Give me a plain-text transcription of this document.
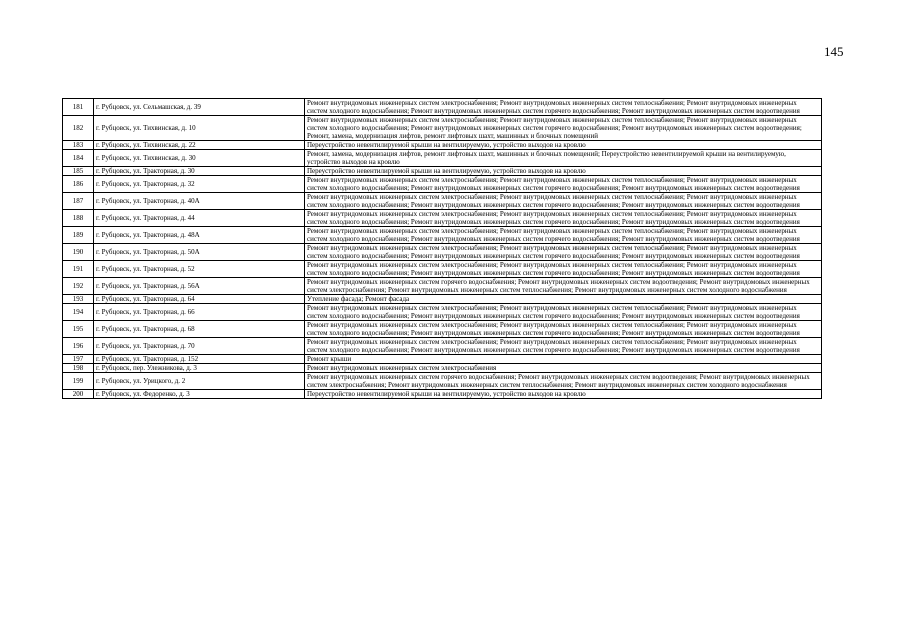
145
181	г. Рубцовск, ул. Сельмашская, д. 39	Ремонт внутридомовых инженерных систем электроснабжения; Ремонт внутридомовых инженерных систем теплоснабжения; Ремонт внутридомовых инженерных систем холодного водоснабжения; Ремонт внутридомовых инженерных систем горячего водоснабжения; Ремонт внутридомовых инженерных систем водоотведения
182	г. Рубцовск, ул. Тихвинская, д. 10	Ремонт внутридомовых инженерных систем электроснабжения; Ремонт внутридомовых инженерных систем теплоснабжения; Ремонт внутридомовых инженерных систем холодного водоснабжения; Ремонт внутридомовых инженерных систем горячего водоснабжения; Ремонт внутридомовых инженерных систем водоотведения; Ремонт, замена, модернизация лифтов, ремонт лифтовых шахт, машинных и блочных помещений
183	г. Рубцовск, ул. Тихвинская, д. 22	Переустройство невентилируемой крыши на вентилируемую, устройство выходов на кровлю
184	г. Рубцовск, ул. Тихвинская, д. 30	Ремонт, замена, модернизация лифтов, ремонт лифтовых шахт, машинных и блочных помещений; Переустройство невентилируемой крыши на вентилируемую, устройство выходов на кровлю
185	г. Рубцовск, ул. Тракторная, д. 30	Переустройство невентилируемой крыши на вентилируемую, устройство выходов на кровлю
186	г. Рубцовск, ул. Тракторная, д. 32	Ремонт внутридомовых инженерных систем электроснабжения; Ремонт внутридомовых инженерных систем теплоснабжения; Ремонт внутридомовых инженерных систем холодного водоснабжения; Ремонт внутридомовых инженерных систем горячего водоснабжения; Ремонт внутридомовых инженерных систем водоотведения
187	г. Рубцовск, ул. Тракторная, д. 40А	Ремонт внутридомовых инженерных систем электроснабжения; Ремонт внутридомовых инженерных систем теплоснабжения; Ремонт внутридомовых инженерных систем холодного водоснабжения; Ремонт внутридомовых инженерных систем горячего водоснабжения; Ремонт внутридомовых инженерных систем водоотведения
188	г. Рубцовск, ул. Тракторная, д. 44	Ремонт внутридомовых инженерных систем электроснабжения; Ремонт внутридомовых инженерных систем теплоснабжения; Ремонт внутридомовых инженерных систем холодного водоснабжения; Ремонт внутридомовых инженерных систем горячего водоснабжения; Ремонт внутридомовых инженерных систем водоотведения
189	г. Рубцовск, ул. Тракторная, д. 48А	Ремонт внутридомовых инженерных систем электроснабжения; Ремонт внутридомовых инженерных систем теплоснабжения; Ремонт внутридомовых инженерных систем холодного водоснабжения; Ремонт внутридомовых инженерных систем горячего водоснабжения; Ремонт внутридомовых инженерных систем водоотведения
190	г. Рубцовск, ул. Тракторная, д. 50А	Ремонт внутридомовых инженерных систем электроснабжения; Ремонт внутридомовых инженерных систем теплоснабжения; Ремонт внутридомовых инженерных систем холодного водоснабжения; Ремонт внутридомовых инженерных систем горячего водоснабжения; Ремонт внутридомовых инженерных систем водоотведения
191	г. Рубцовск, ул. Тракторная, д. 52	Ремонт внутридомовых инженерных систем электроснабжения; Ремонт внутридомовых инженерных систем теплоснабжения; Ремонт внутридомовых инженерных систем холодного водоснабжения; Ремонт внутридомовых инженерных систем горячего водоснабжения; Ремонт внутридомовых инженерных систем водоотведения
192	г. Рубцовск, ул. Тракторная, д. 56А	Ремонт внутридомовых инженерных систем горячего водоснабжения; Ремонт внутридомовых инженерных систем водоотведения; Ремонт внутридомовых инженерных систем электроснабжения; Ремонт внутридомовых инженерных систем теплоснабжения; Ремонт внутридомовых инженерных систем холодного водоснабжения
193	г. Рубцовск, ул. Тракторная, д. 64	Утепление фасада; Ремонт фасада
194	г. Рубцовск, ул. Тракторная, д. 66	Ремонт внутридомовых инженерных систем электроснабжения; Ремонт внутридомовых инженерных систем теплоснабжения; Ремонт внутридомовых инженерных систем холодного водоснабжения; Ремонт внутридомовых инженерных систем горячего водоснабжения; Ремонт внутридомовых инженерных систем водоотведения
195	г. Рубцовск, ул. Тракторная, д. 68	Ремонт внутридомовых инженерных систем электроснабжения; Ремонт внутридомовых инженерных систем теплоснабжения; Ремонт внутридомовых инженерных систем холодного водоснабжения; Ремонт внутридомовых инженерных систем горячего водоснабжения; Ремонт внутридомовых инженерных систем водоотведения
196	г. Рубцовск, ул. Тракторная, д. 70	Ремонт внутридомовых инженерных систем электроснабжения; Ремонт внутридомовых инженерных систем теплоснабжения; Ремонт внутридомовых инженерных систем холодного водоснабжения; Ремонт внутридомовых инженерных систем горячего водоснабжения; Ремонт внутридомовых инженерных систем водоотведения
197	г. Рубцовск, ул. Тракторная, д. 152	Ремонт крыши
198	г. Рубцовск, пер. Улежникова, д. 3	Ремонт внутридомовых инженерных систем электроснабжения
199	г. Рубцовск, ул. Урицкого, д. 2	Ремонт внутридомовых инженерных систем горячего водоснабжения; Ремонт внутридомовых инженерных систем водоотведения; Ремонт внутридомовых инженерных систем электроснабжения; Ремонт внутридомовых инженерных систем теплоснабжения; Ремонт внутридомовых инженерных систем холодного водоснабжения
200	г. Рубцовск, ул. Федоренко, д. 3	Переустройство невентилируемой крыши на вентилируемую, устройство выходов на кровлю
